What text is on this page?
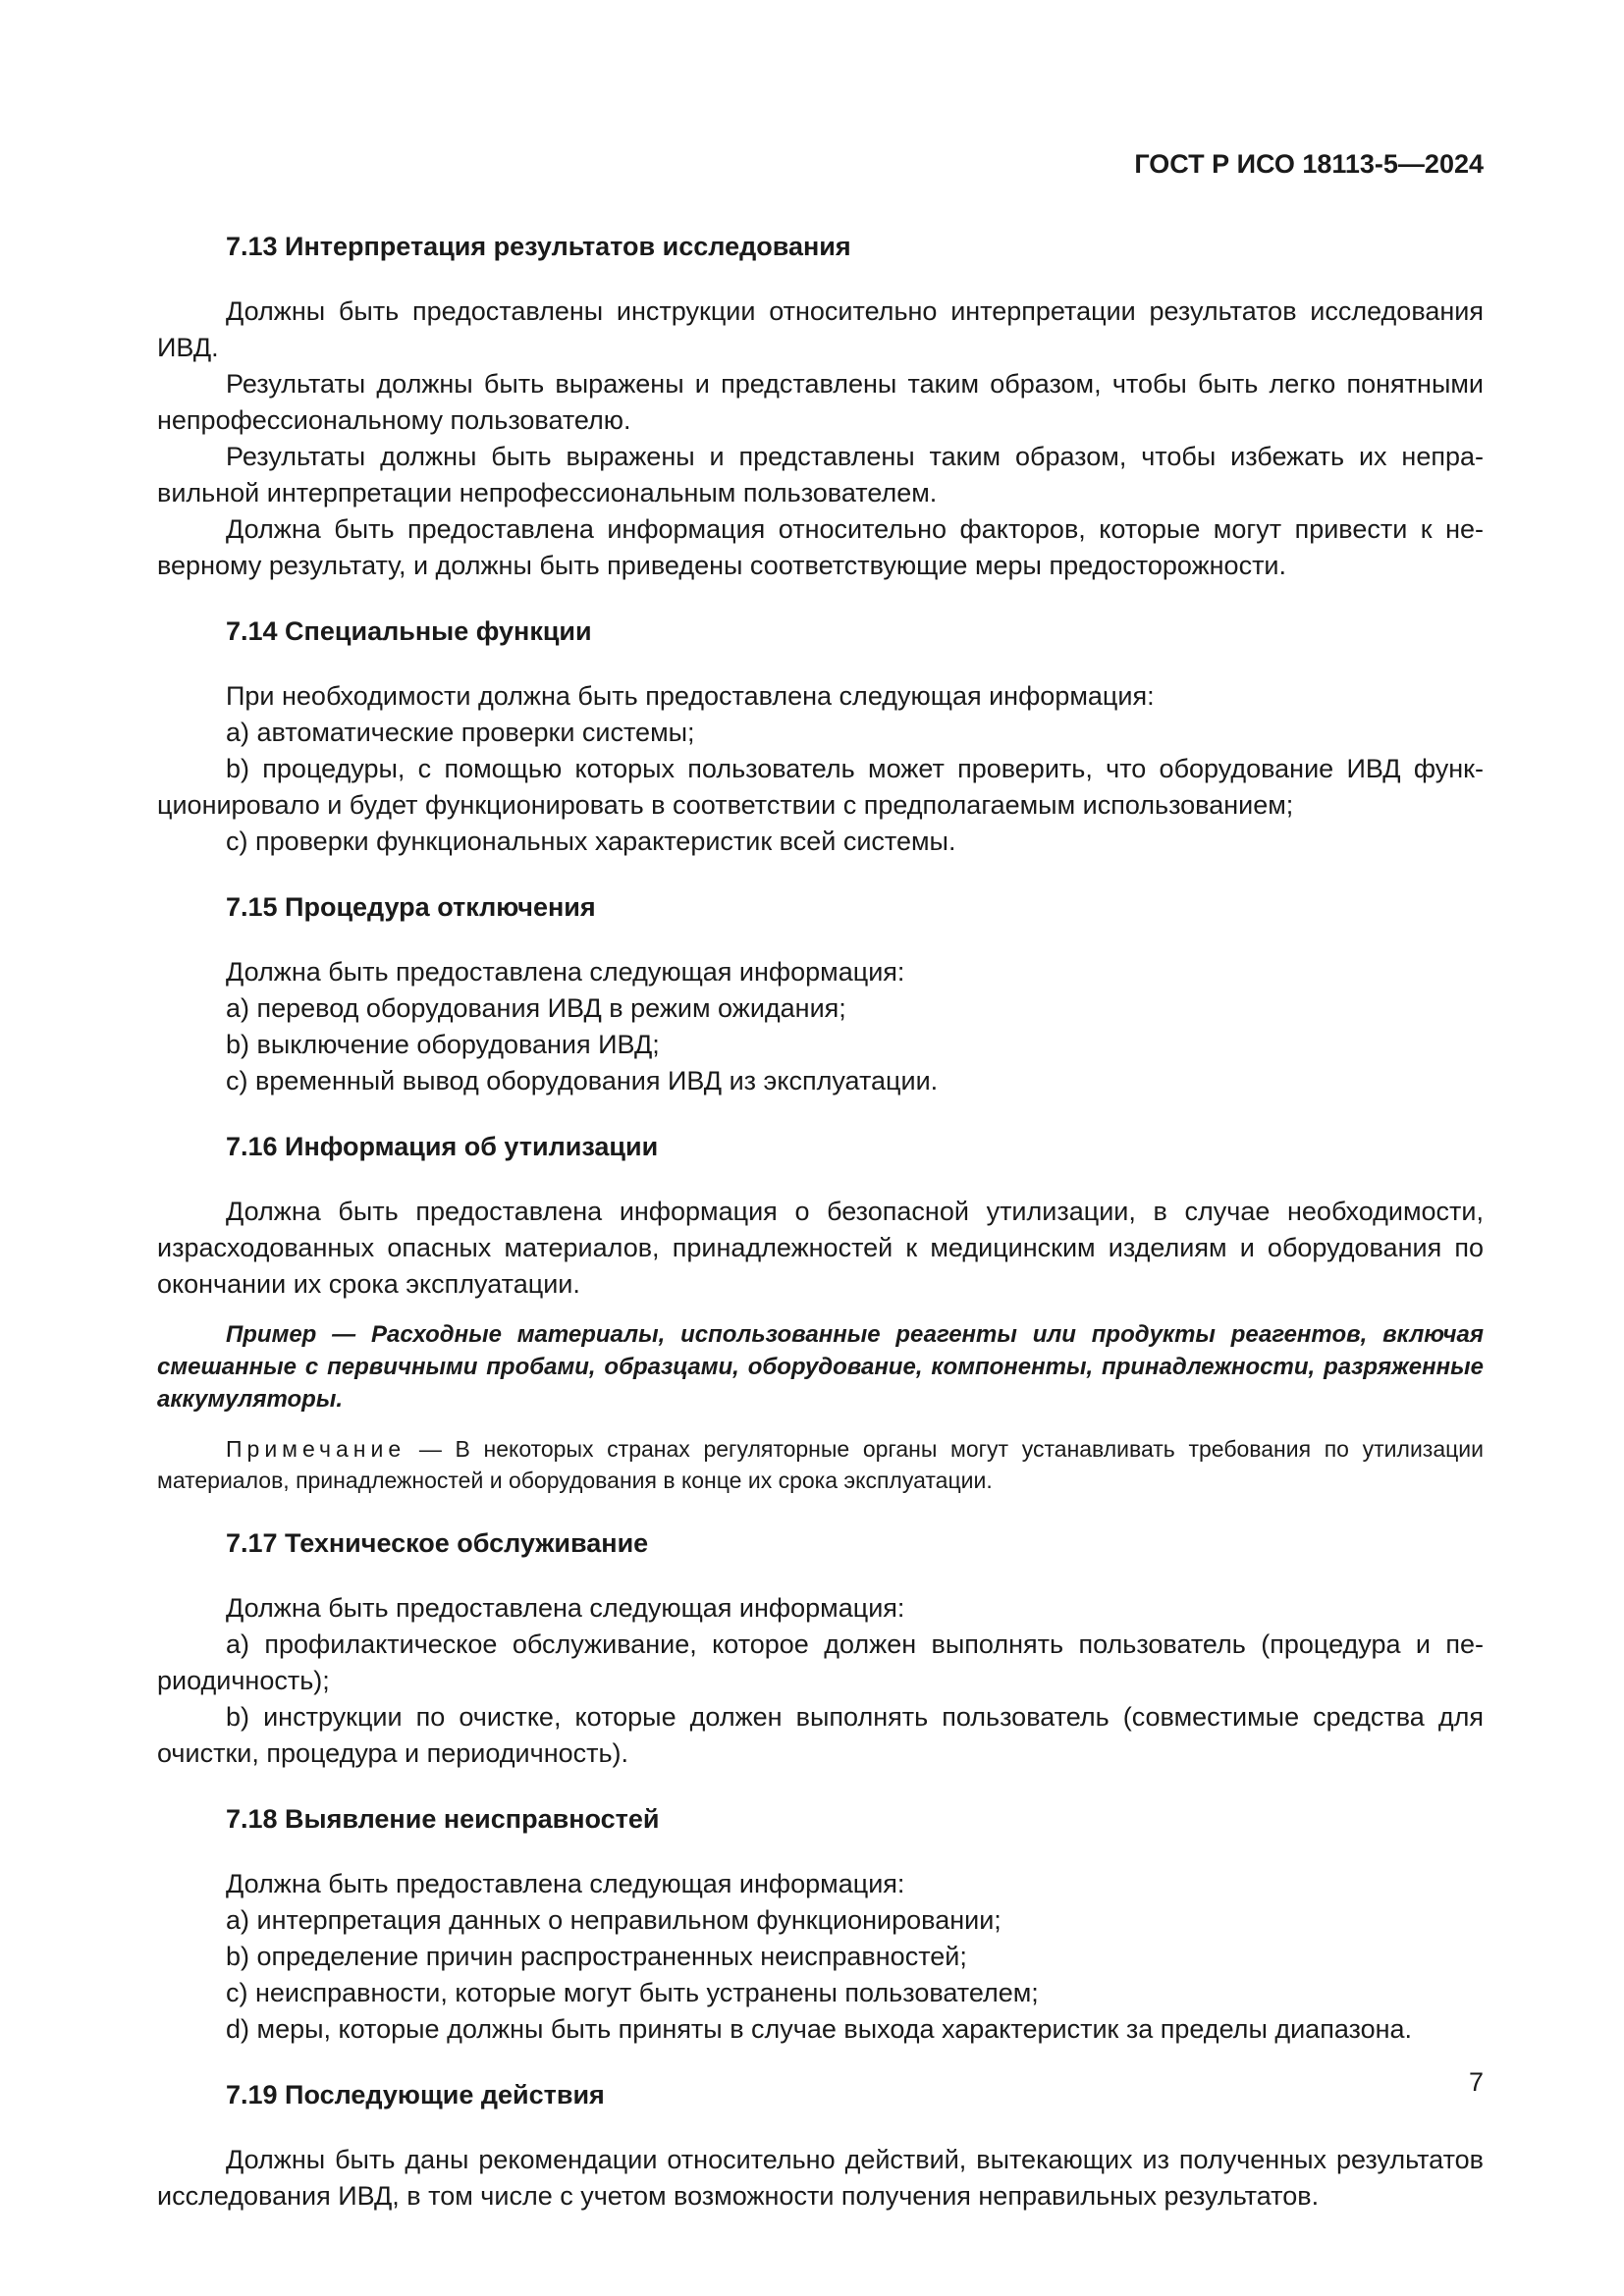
ГОСТ Р ИСО 18113-5—2024
7.13 Интерпретация результатов исследования

Должны быть предоставлены инструкции относительно интерпретации результатов исследования ИВД.

Результаты должны быть выражены и представлены таким образом, чтобы быть легко понятными непрофессиональному пользователю.

Результаты должны быть выражены и представлены таким образом, чтобы избежать их неправильной интерпретации непрофессиональным пользователем.

Должна быть предоставлена информация относительно факторов, которые могут привести к неверному результату, и должны быть приведены соответствующие меры предосторожности.

7.14 Специальные функции

При необходимости должна быть предоставлена следующая информация:

a) автоматические проверки системы;

b) процедуры, с помощью которых пользователь может проверить, что оборудование ИВД функционировало и будет функционировать в соответствии с предполагаемым использованием;

c) проверки функциональных характеристик всей системы.

7.15 Процедура отключения

Должна быть предоставлена следующая информация:

a) перевод оборудования ИВД в режим ожидания;

b) выключение оборудования ИВД;

c) временный вывод оборудования ИВД из эксплуатации.

7.16 Информация об утилизации

Должна быть предоставлена информация о безопасной утилизации, в случае необходимости, израсходованных опасных материалов, принадлежностей к медицинским изделиям и оборудования по окончании их срока эксплуатации.

Пример — Расходные материалы, использованные реагенты или продукты реагентов, включая смешанные с первичными пробами, образцами, оборудование, компоненты, принадлежности, разряженные аккумуляторы.

Примечание — В некоторых странах регуляторные органы могут устанавливать требования по утилизации материалов, принадлежностей и оборудования в конце их срока эксплуатации.

7.17 Техническое обслуживание

Должна быть предоставлена следующая информация:

a) профилактическое обслуживание, которое должен выполнять пользователь (процедура и периодичность);

b) инструкции по очистке, которые должен выполнять пользователь (совместимые средства для очистки, процедура и периодичность).

7.18 Выявление неисправностей

Должна быть предоставлена следующая информация:

a) интерпретация данных о неправильном функционировании;

b) определение причин распространенных неисправностей;

c) неисправности, которые могут быть устранены пользователем;

d) меры, которые должны быть приняты в случае выхода характеристик за пределы диапазона.

7.19 Последующие действия

Должны быть даны рекомендации относительно действий, вытекающих из полученных результатов исследования ИВД, в том числе с учетом возможности получения неправильных результатов.

7
